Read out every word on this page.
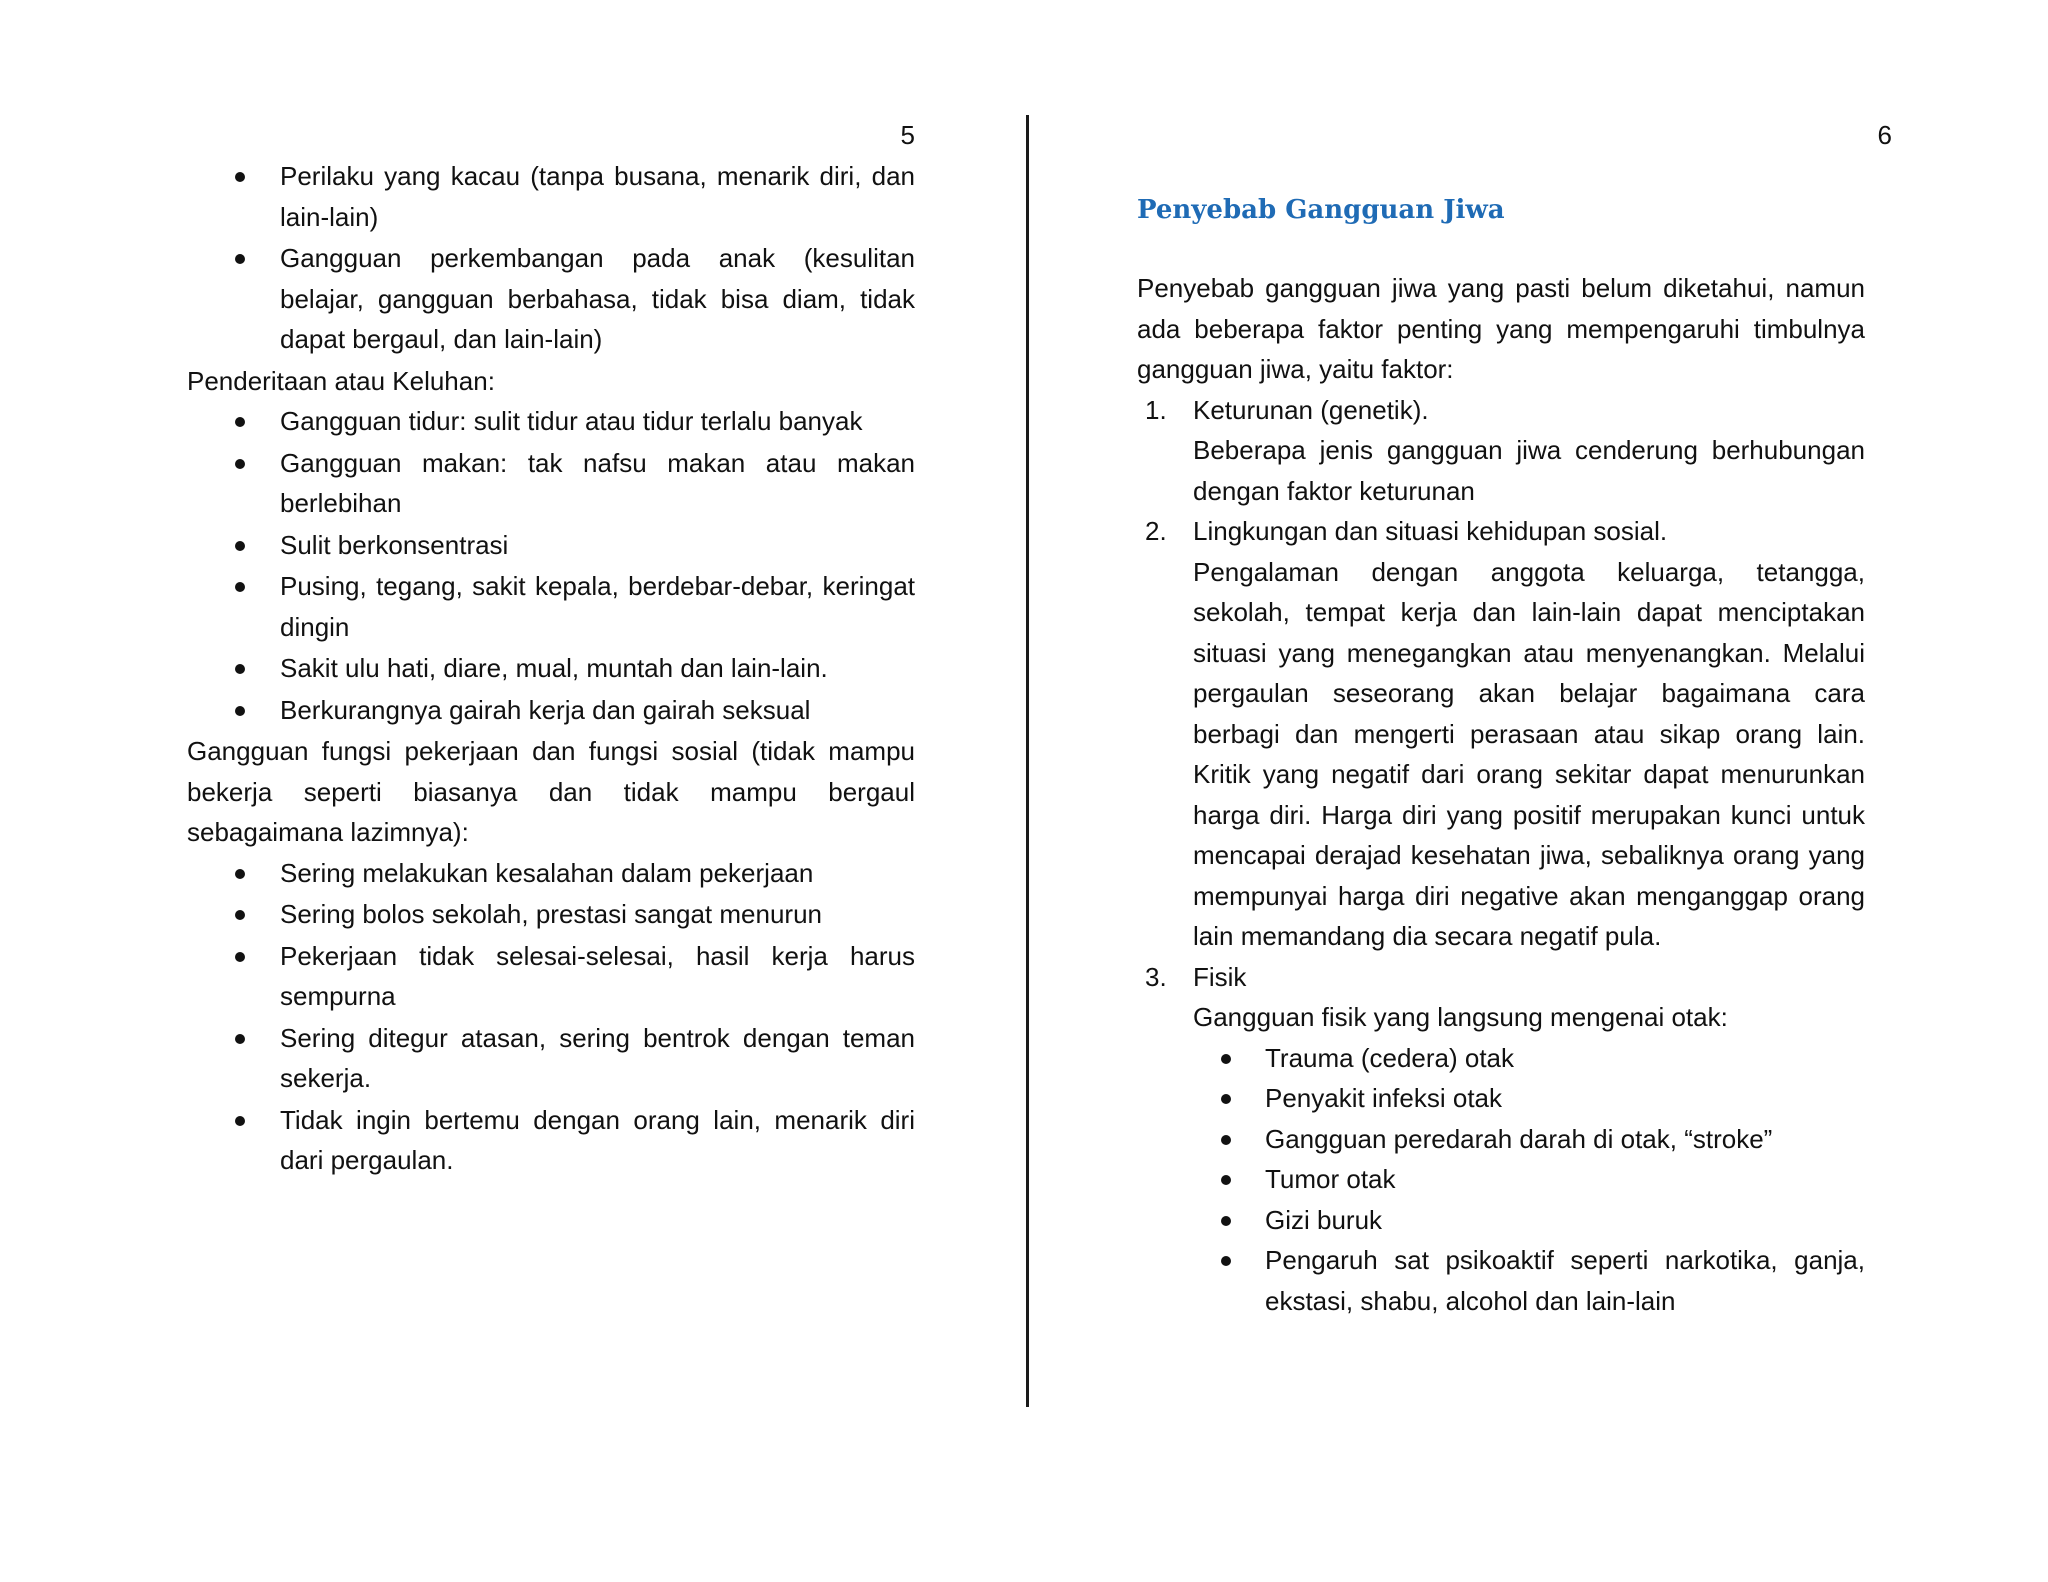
5
Perilaku yang kacau (tanpa busana, menarik diri, dan lain-lain)
Gangguan perkembangan pada anak (kesulitan belajar, gangguan berbahasa, tidak bisa diam, tidak dapat bergaul, dan lain-lain)

Penderitaan atau Keluhan:

Gangguan tidur: sulit tidur atau tidur terlalu banyak
Gangguan makan: tak nafsu makan atau makan berlebihan
Sulit berkonsentrasi
Pusing, tegang, sakit kepala, berdebar-debar, keringat dingin
Sakit ulu hati, diare, mual, muntah dan lain-lain.
Berkurangnya gairah kerja dan gairah seksual

Gangguan fungsi pekerjaan dan fungsi sosial (tidak mampu bekerja seperti biasanya dan tidak mampu bergaul sebagaimana lazimnya):

Sering melakukan kesalahan dalam pekerjaan
Sering bolos sekolah, prestasi sangat menurun
Pekerjaan tidak selesai-selesai, hasil kerja harus sempurna
Sering ditegur atasan, sering bentrok dengan teman sekerja.
Tidak ingin bertemu dengan orang lain, menarik diri dari pergaulan.
6
Penyebab Gangguan Jiwa

Penyebab gangguan jiwa yang pasti belum diketahui, namun ada beberapa faktor penting yang mempengaruhi timbulnya gangguan jiwa, yaitu faktor:

1.	Keturunan (genetik).
Beberapa jenis gangguan jiwa cenderung berhubungan dengan faktor keturunan
2.	Lingkungan dan situasi kehidupan sosial.
Pengalaman dengan anggota keluarga, tetangga, sekolah, tempat kerja dan lain-lain dapat menciptakan situasi yang menegangkan atau menyenangkan. Melalui pergaulan seseorang akan belajar bagaimana cara berbagi dan mengerti perasaan atau sikap orang lain. Kritik yang negatif dari orang sekitar dapat menurunkan harga diri. Harga diri yang positif merupakan kunci untuk mencapai derajad kesehatan jiwa, sebaliknya orang yang mempunyai harga diri negative akan menganggap orang lain memandang dia secara negatif pula.
3.	Fisik
Gangguan fisik yang langsung mengenai otak:
Trauma (cedera) otak
Penyakit infeksi otak
Gangguan peredarah darah di otak, “stroke”
Tumor otak
Gizi buruk
Pengaruh sat psikoaktif seperti narkotika, ganja, ekstasi, shabu, alcohol dan lain-lain
